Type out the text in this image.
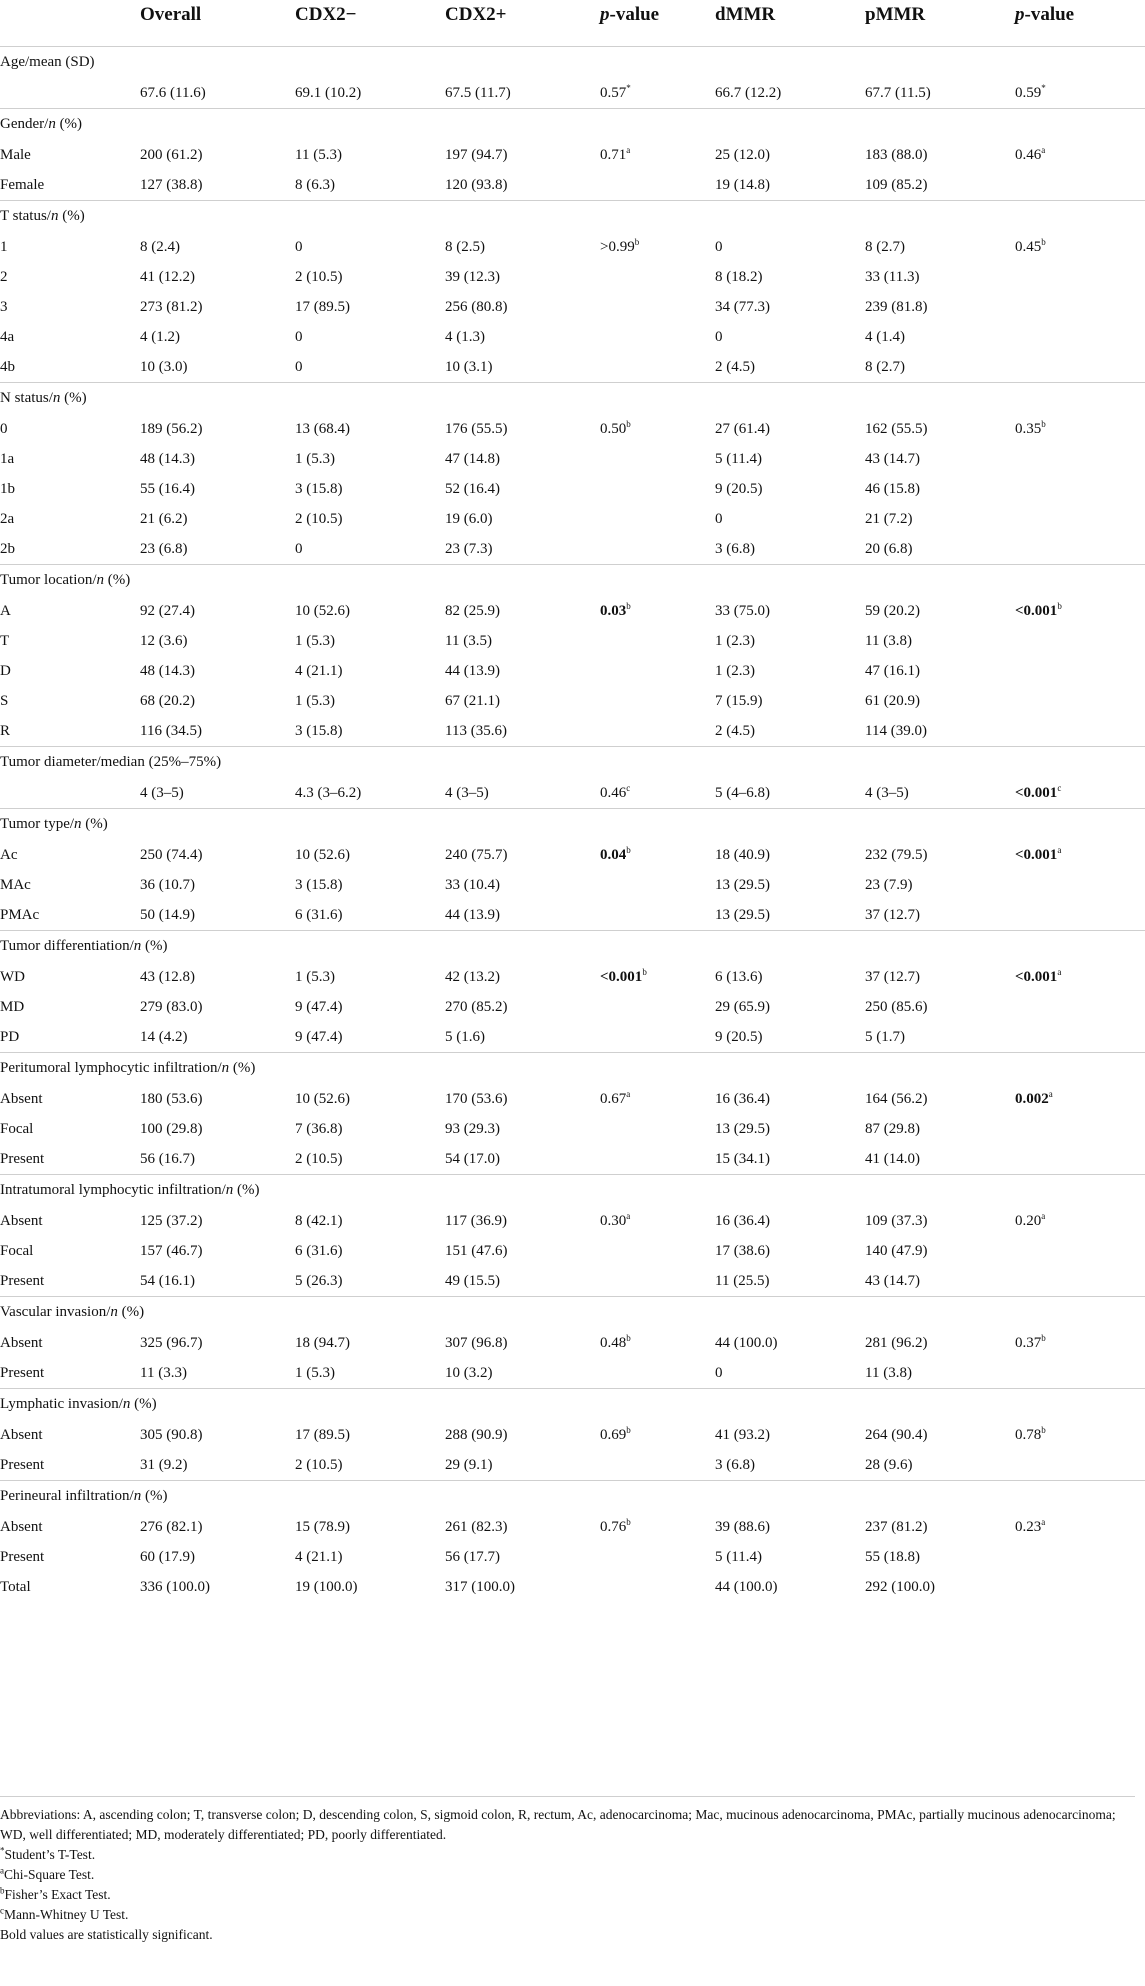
	Overall	CDX2−	CDX2+	p-value	dMMR	pMMR	p-value
Age/mean (SD)							
	67.6 (11.6)	69.1 (10.2)	67.5 (11.7)	0.57*	66.7 (12.2)	67.7 (11.5)	0.59*

Gender/n (%)							
Male	200 (61.2)	11 (5.3)	197 (94.7)	0.71$^a$	25 (12.0)	183 (88.0)	0.46$^a$
Female	127 (38.8)	8 (6.3)	120 (93.8)		19 (14.8)	109 (85.2)	

T status/n (%)							
1	8 (2.4)	0	8 (2.5)	>0.99$^b$	0	8 (2.7)	0.45$^b$
2	41 (12.2)	2 (10.5)	39 (12.3)		8 (18.2)	33 (11.3)	
3	273 (81.2)	17 (89.5)	256 (80.8)		34 (77.3)	239 (81.8)	
4a	4 (1.2)	0	4 (1.3)		0	4 (1.4)	
4b	10 (3.0)	0	10 (3.1)		2 (4.5)	8 (2.7)	

N status/n (%)							
0	189 (56.2)	13 (68.4)	176 (55.5)	0.50$^b$	27 (61.4)	162 (55.5)	0.35$^b$
1a	48 (14.3)	1 (5.3)	47 (14.8)		5 (11.4)	43 (14.7)	
1b	55 (16.4)	3 (15.8)	52 (16.4)		9 (20.5)	46 (15.8)	
2a	21 (6.2)	2 (10.5)	19 (6.0)		0	21 (7.2)	
2b	23 (6.8)	0	23 (7.3)		3 (6.8)	20 (6.8)	

Tumor location/n (%)							
A	92 (27.4)	10 (52.6)	82 (25.9)	0.03$^b$	33 (75.0)	59 (20.2)	<0.001$^b$
T	12 (3.6)	1 (5.3)	11 (3.5)		1 (2.3)	11 (3.8)	
D	48 (14.3)	4 (21.1)	44 (13.9)		1 (2.3)	47 (16.1)	
S	68 (20.2)	1 (5.3)	67 (21.1)		7 (15.9)	61 (20.9)	
R	116 (34.5)	3 (15.8)	113 (35.6)		2 (4.5)	114 (39.0)	

Tumor diameter/median (25%–75%)							
	4 (3–5)	4.3 (3–6.2)	4 (3–5)	0.46$^c$	5 (4–6.8)	4 (3–5)	<0.001$^c$

Tumor type/n (%)							
Ac	250 (74.4)	10 (52.6)	240 (75.7)	0.04$^b$	18 (40.9)	232 (79.5)	<0.001$^a$
MAc	36 (10.7)	3 (15.8)	33 (10.4)		13 (29.5)	23 (7.9)	
PMAc	50 (14.9)	6 (31.6)	44 (13.9)		13 (29.5)	37 (12.7)	

Tumor differentiation/n (%)							
WD	43 (12.8)	1 (5.3)	42 (13.2)	<0.001$^b$	6 (13.6)	37 (12.7)	<0.001$^a$
MD	279 (83.0)	9 (47.4)	270 (85.2)		29 (65.9)	250 (85.6)	
PD	14 (4.2)	9 (47.4)	5 (1.6)		9 (20.5)	5 (1.7)	

Peritumoral lymphocytic infiltration/n (%)							
Absent	180 (53.6)	10 (52.6)	170 (53.6)	0.67$^a$	16 (36.4)	164 (56.2)	0.002$^a$
Focal	100 (29.8)	7 (36.8)	93 (29.3)		13 (29.5)	87 (29.8)	
Present	56 (16.7)	2 (10.5)	54 (17.0)		15 (34.1)	41 (14.0)	

Intratumoral lymphocytic infiltration/n (%)							
Absent	125 (37.2)	8 (42.1)	117 (36.9)	0.30$^a$	16 (36.4)	109 (37.3)	0.20$^a$
Focal	157 (46.7)	6 (31.6)	151 (47.6)		17 (38.6)	140 (47.9)	
Present	54 (16.1)	5 (26.3)	49 (15.5)		11 (25.5)	43 (14.7)	

Vascular invasion/n (%)							
Absent	325 (96.7)	18 (94.7)	307 (96.8)	0.48$^b$	44 (100.0)	281 (96.2)	0.37$^b$
Present	11 (3.3)	1 (5.3)	10 (3.2)		0	11 (3.8)	

Lymphatic invasion/n (%)							
Absent	305 (90.8)	17 (89.5)	288 (90.9)	0.69$^b$	41 (93.2)	264 (90.4)	0.78$^b$
Present	31 (9.2)	2 (10.5)	29 (9.1)		3 (6.8)	28 (9.6)	

Perineural infiltration/n (%)							
Absent	276 (82.1)	15 (78.9)	261 (82.3)	0.76$^b$	39 (88.6)	237 (81.2)	0.23$^a$
Present	60 (17.9)	4 (21.1)	56 (17.7)		5 (11.4)	55 (18.8)	
Total	336 (100.0)	19 (100.0)	317 (100.0)		44 (100.0)	292 (100.0)	
Abbreviations: A, ascending colon; T, transverse colon; D, descending colon, S, sigmoid colon, R, rectum, Ac, adenocarcinoma; Mac, mucinous adenocarcinoma, PMAc, partially mucinous adenocarcinoma; WD, well differentiated; MD, moderately differentiated; PD, poorly differentiated.
*Student’s T-Test.
$^a$Chi-Square Test.
$^b$Fisher’s Exact Test.
$^c$Mann-Whitney U Test.
Bold values are statistically significant.
